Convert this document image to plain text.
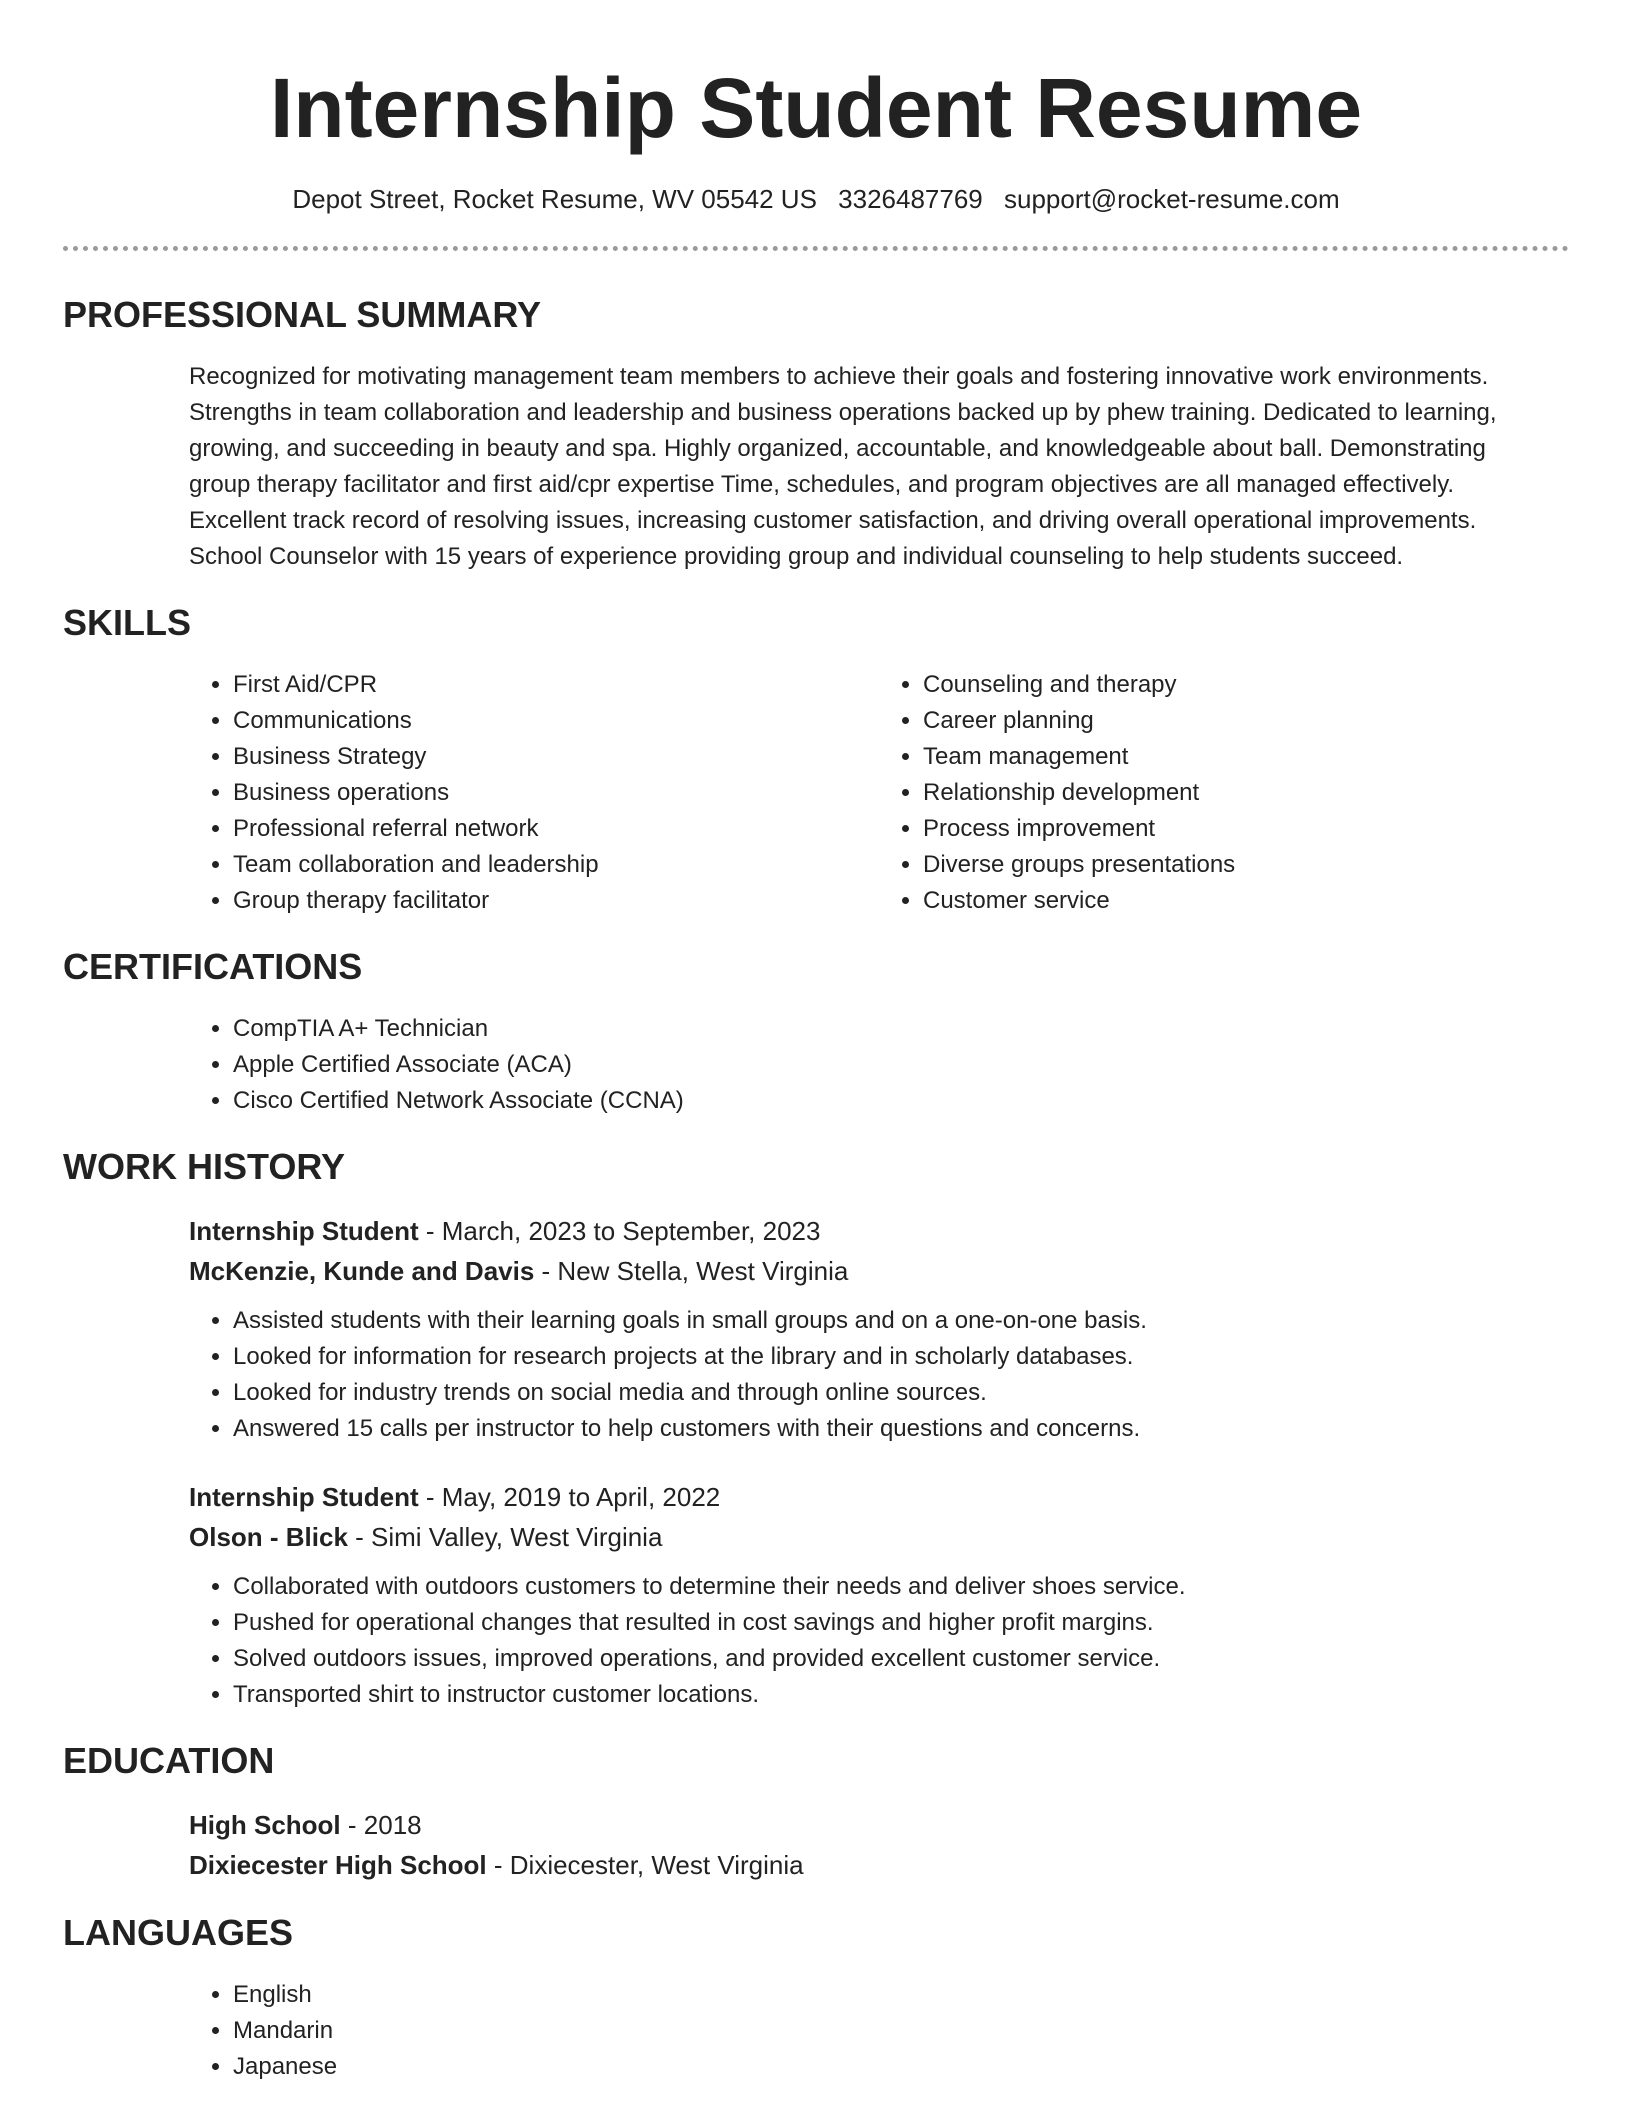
Internship Student Resume
Depot Street, Rocket Resume, WV 05542 US 3326487769 support@rocket-resume.com
PROFESSIONAL SUMMARY
Recognized for motivating management team members to achieve their goals and fostering innovative work environments.
Strengths in team collaboration and leadership and business operations backed up by phew training. Dedicated to learning,
growing, and succeeding in beauty and spa. Highly organized, accountable, and knowledgeable about ball. Demonstrating
group therapy facilitator and first aid/cpr expertise Time, schedules, and program objectives are all managed effectively.
Excellent track record of resolving issues, increasing customer satisfaction, and driving overall operational improvements.
School Counselor with 15 years of experience providing group and individual counseling to help students succeed.
SKILLS
• First Aid/CPR
• Communications
• Business Strategy
• Business operations
• Professional referral network
• Team collaboration and leadership
• Group therapy facilitator
• Counseling and therapy
• Career planning
• Team management
• Relationship development
• Process improvement
• Diverse groups presentations
• Customer service
CERTIFICATIONS
• CompTIA A+ Technician
• Apple Certified Associate (ACA)
• Cisco Certified Network Associate (CCNA)
WORK HISTORY
Internship Student - March, 2023 to September, 2023
McKenzie, Kunde and Davis - New Stella, West Virginia
• Assisted students with their learning goals in small groups and on a one-on-one basis.
• Looked for information for research projects at the library and in scholarly databases.
• Looked for industry trends on social media and through online sources.
• Answered 15 calls per instructor to help customers with their questions and concerns.
Internship Student - May, 2019 to April, 2022
Olson - Blick - Simi Valley, West Virginia
• Collaborated with outdoors customers to determine their needs and deliver shoes service.
• Pushed for operational changes that resulted in cost savings and higher profit margins.
• Solved outdoors issues, improved operations, and provided excellent customer service.
• Transported shirt to instructor customer locations.
EDUCATION
High School - 2018
Dixiecester High School - Dixiecester, West Virginia
LANGUAGES
• English
• Mandarin
• Japanese
